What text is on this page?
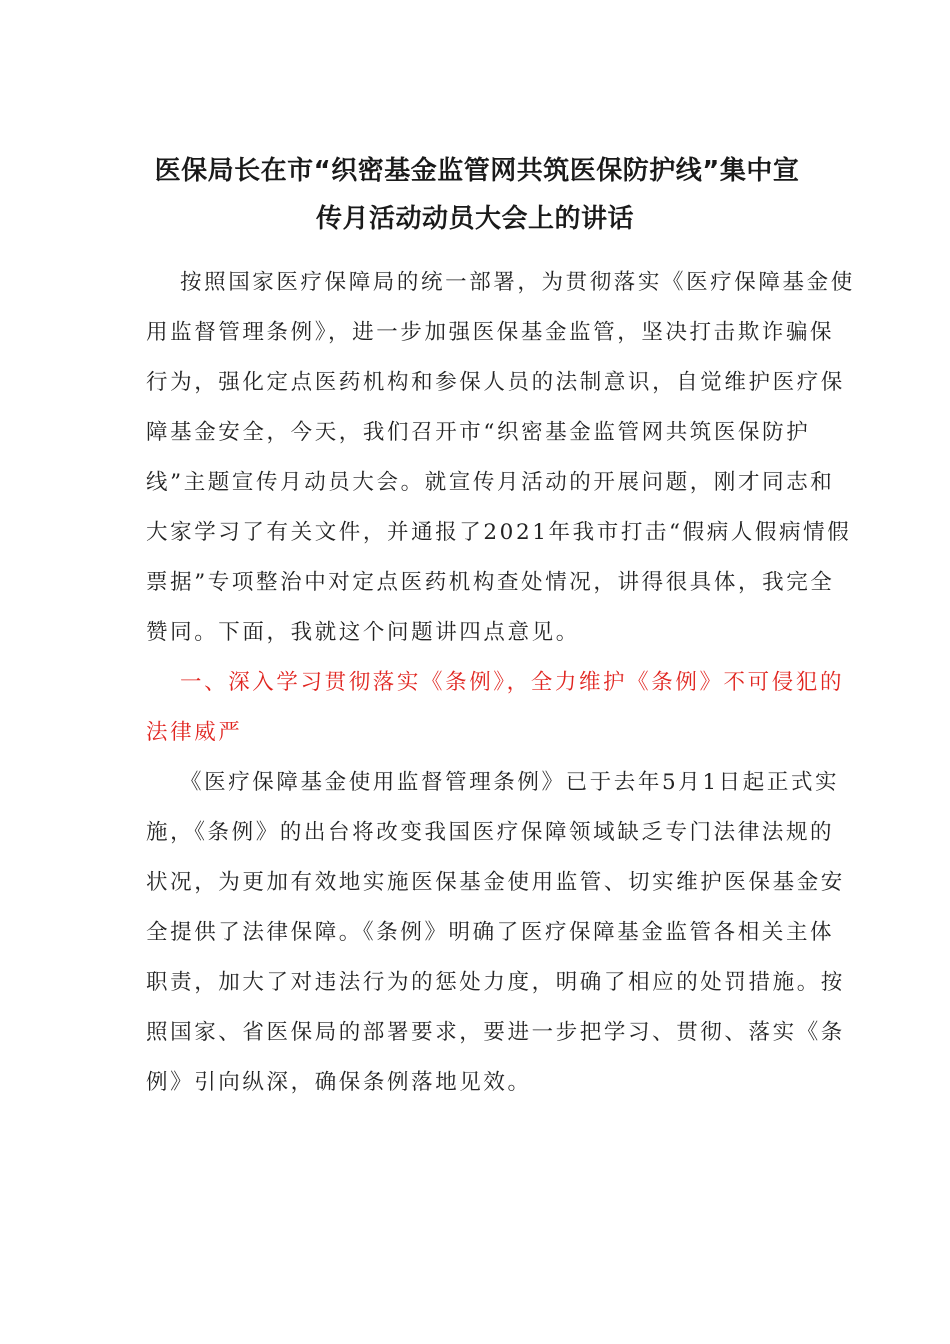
医保局长在市“织密基金监管网共筑医保防护线”集中宣
传月活动动员大会上的讲话
按照国家医疗保障局的统一部署，为贯彻落实《医疗保障基金使
用监督管理条例》，进一步加强医保基金监管，坚决打击欺诈骗保
行为，强化定点医药机构和参保人员的法制意识，自觉维护医疗保
障基金安全，今天，我们召开市“织密基金监管网共筑医保防护
线”主题宣传月动员大会。就宣传月活动的开展问题，刚才同志和
大家学习了有关文件，并通报了2021年我市打击“假病人假病情假
票据”专项整治中对定点医药机构查处情况，讲得很具体，我完全
赞同。下面，我就这个问题讲四点意见。
一、深入学习贯彻落实《条例》，全力维护《条例》不可侵犯的
法律威严
《医疗保障基金使用监督管理条例》已于去年5月1日起正式实
施，《条例》的出台将改变我国医疗保障领域缺乏专门法律法规的
状况，为更加有效地实施医保基金使用监管、切实维护医保基金安
全提供了法律保障。《条例》明确了医疗保障基金监管各相关主体
职责，加大了对违法行为的惩处力度，明确了相应的处罚措施。按
照国家、省医保局的部署要求，要进一步把学习、贯彻、落实《条
例》引向纵深，确保条例落地见效。
